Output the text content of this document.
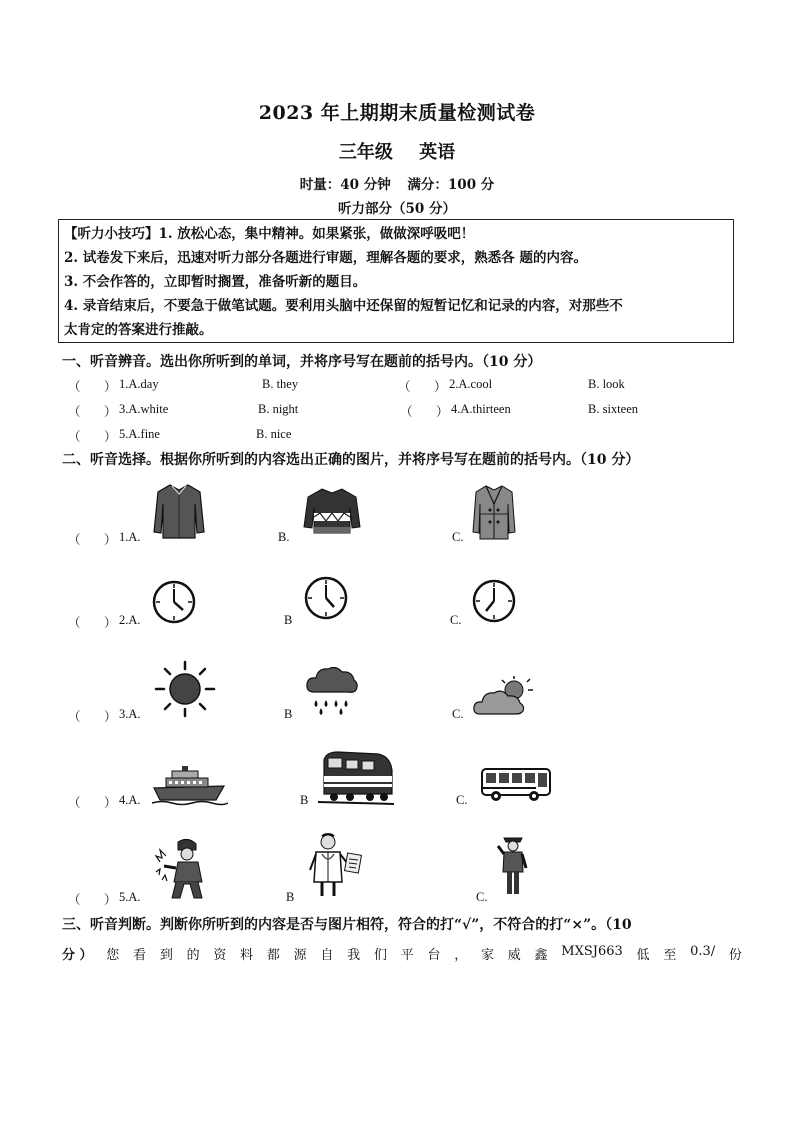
2023 年上期期末质量检测试卷
三年级 英语
时量：40 分钟 满分：100 分
听力部分（50 分）

【听力小技巧】1. 放松心态，集中精神。如果紧张，做做深呼吸吧！

2. 试卷发下来后，迅速对听力部分各题进行审题，理解各题的要求，熟悉各 题的内容。

3. 不会作答的，立即暂时搁置，准备听新的题目。

4. 录音结束后，不要急于做笔试题。要利用头脑中还保留的短暂记忆和记录的内容，对那些不

太肯定的答案进行推敲。

一、听音辨音。选出你所听到的单词，并将序号写在题前的括号内。（10 分）
（ ） 1.A.day	B. they	（ ） 2.A.cool	B. look
（ ） 3.A.white	B. night	（ ） 4.A.thirteen	B. sixteen
（ ） 5.A.fine	B. nice
二、听音选择。根据你所听到的内容选出正确的图片，并将序号写在题前的括号内。（10 分）
（ ） 1.A.	B.	C.
（ ） 2.A.	B	C.
（ ） 3.A.	B	C.
（ ） 4.A.	B	C.
（ ） 5.A.	B	C.
三、听音判断。判断你所听到的内容是否与图片相符，符合的打“√”，不符合的打“×”。（10
分 ） 您 看 到 的 资 料 都 源 自 我 们 平 台 ， 家 威 鑫 MXSJ663 低 至 0.3/ 份
